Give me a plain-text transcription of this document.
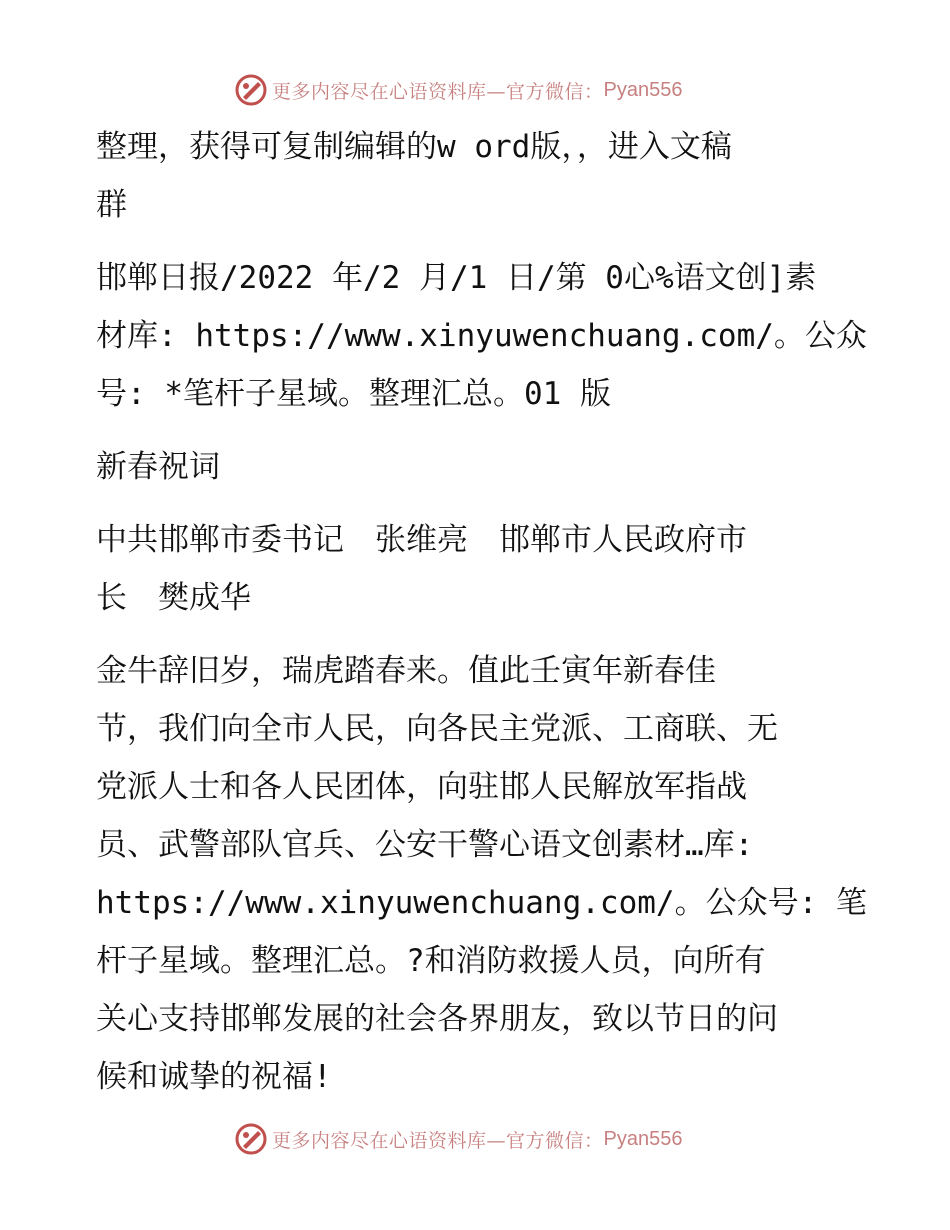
更多内容尽在心语资料库—官方微信： Pyan556

整理，获得可复制编辑的w ord版，，进入文稿
群

邯郸日报/2022 年/2 月/1 日/第 0心%语文创]素
材库: https://www.xinyuwenchuang.com/。公众
号: *笔杆子星域。整理汇总。01 版

新春祝词

中共邯郸市委书记　张维亮　邯郸市人民政府市
长　樊成华

金牛辞旧岁，瑞虎踏春来。值此壬寅年新春佳
节，我们向全市人民，向各民主党派、工商联、无
党派人士和各人民团体，向驻邯人民解放军指战
员、武警部队官兵、公安干警心语文创素材…库:
https://www.xinyuwenchuang.com/。公众号: 笔
杆子星域。整理汇总。?和消防救援人员，向所有
关心支持邯郸发展的社会各界朋友，致以节日的问
候和诚挚的祝福!

更多内容尽在心语资料库—官方微信： Pyan556
